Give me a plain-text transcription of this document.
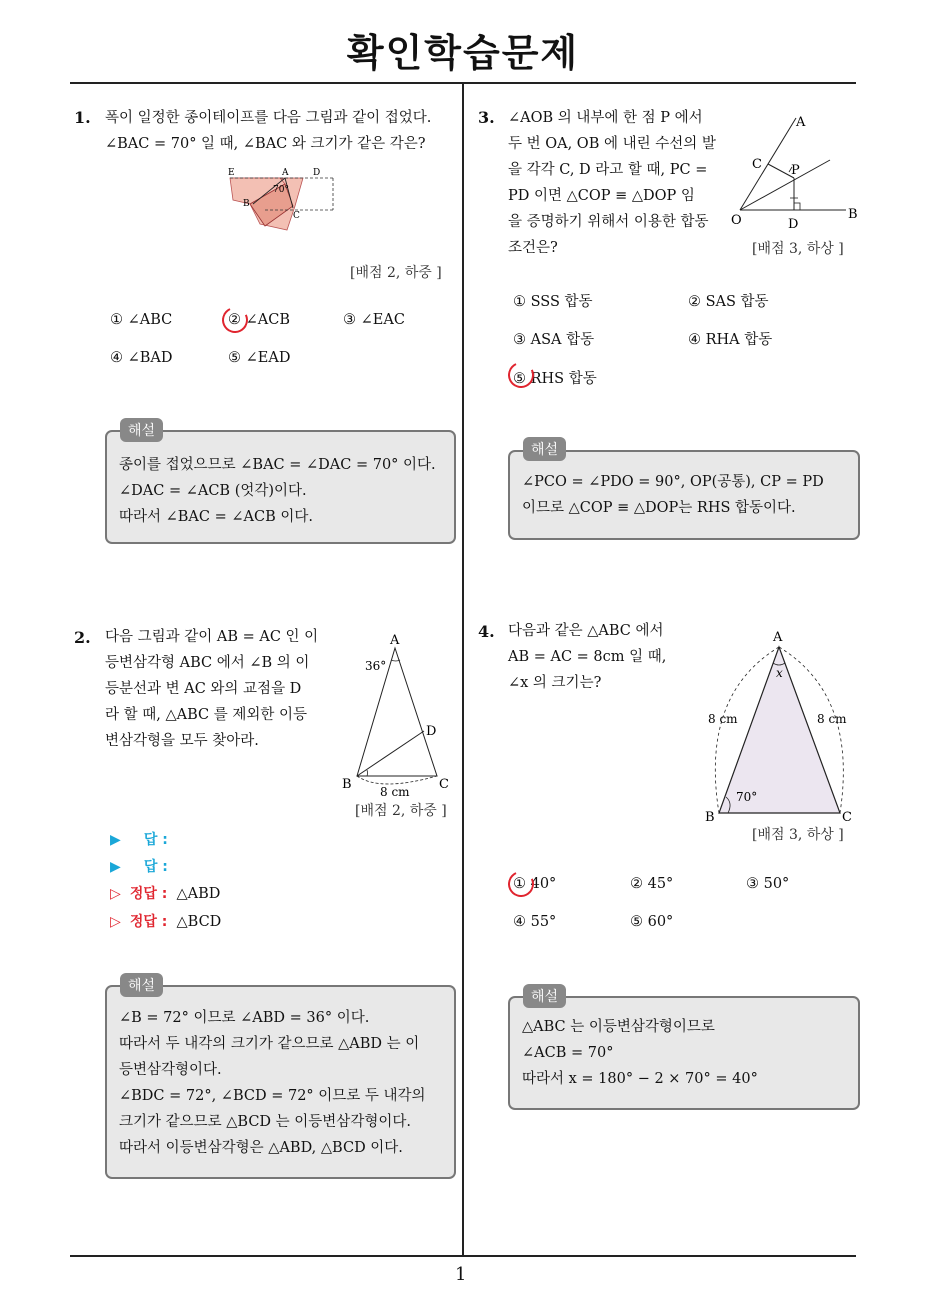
확인학습문제
1
1. 폭이 일정한 종이테이프를 다음 그림과 같이 접었다.
∠BAC = 70° 일 때, ∠BAC 와 크기가 같은 각은?
E	A	D
B
C
70°
[배점 2, 하중 ]
① ∠ABC	② ∠ACB	③ ∠EAC
④ ∠BAD	⑤ ∠EAD
종이를 접었으므로 ∠BAC = ∠DAC = 70° 이다.
∠DAC = ∠ACB (엇각)이다.
따라서 ∠BAC = ∠ACB 이다.
해설
2. 다음 그림과 같이 AB = AC 인 이
등변삼각형 ABC 에서 ∠B 의 이
등분선과 변 AC 와의 교점을 D
라 할 때, △ABC 를 제외한 이등
변삼각형을 모두 찾아라.
A
B	C
D
36°
8 cm
[배점 2, 하중 ]
▶ 답 :
▶ 답 :
▷ 정답 : △ABD
▷ 정답 : △BCD
∠B = 72° 이므로 ∠ABD = 36° 이다.
따라서 두 내각의 크기가 같으므로 △ABD 는 이
등변삼각형이다.
∠BDC = 72°, ∠BCD = 72° 이므로 두 내각의
크기가 같으므로 △BCD 는 이등변삼각형이다.
따라서 이등변삼각형은 △ABD, △BCD 이다.
해설
3. ∠AOB 의 내부에 한 점 P 에서
두 번 OA, OB 에 내린 수선의 발
을 각각 C, D 라고 할 때, PC =
PD 이면 △COP ≡ △DOP 임
을 증명하기 위해서 이용한 합동
조건은?
A
B
C
D
O
P
[배점 3, 하상 ]
① SSS 합동	② SAS 합동
③ ASA 합동	④ RHA 합동
⑤ RHS 합동
∠PCO = ∠PDO = 90°, OP(공통), CP = PD
이므로 △COP ≡ △DOP는 RHS 합동이다.
해설
4. 다음과 같은 △ABC 에서
AB = AC = 8cm 일 때,
∠x 의 크기는?
A
B	C
x
8 cm	8 cm
70°
[배점 3, 하상 ]
① 40°	② 45°	③ 50°
④ 55°	⑤ 60°
△ABC 는 이등변삼각형이므로
∠ACB = 70°
따라서 x = 180° − 2 × 70° = 40°
해설
